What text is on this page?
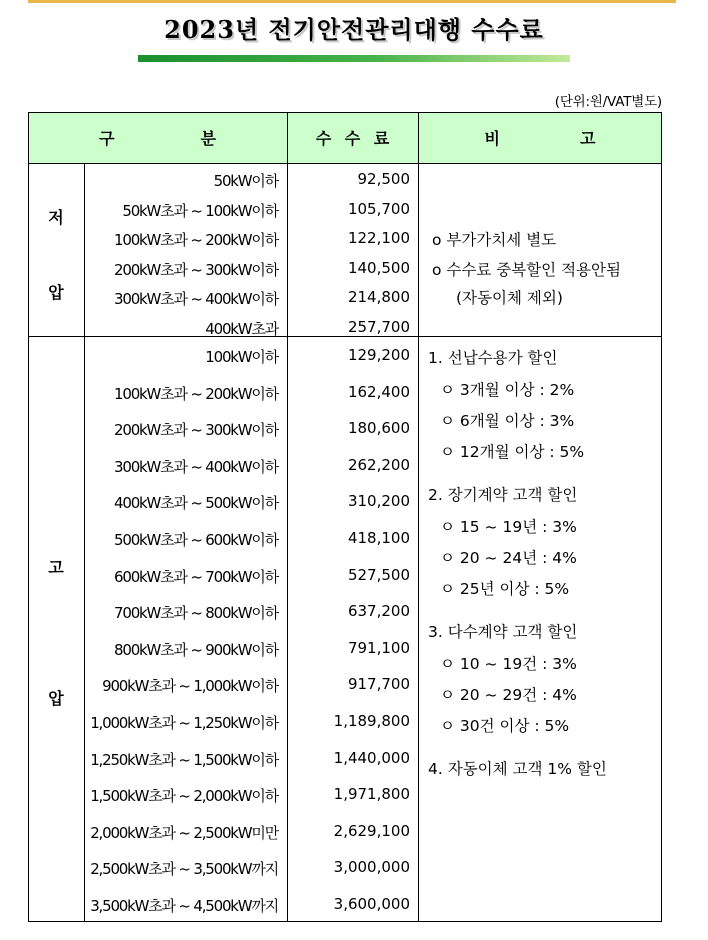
2023년 전기안전관리대행 수수료
(단위:원/VAT별도)
구	분	수 수 료	비	고
저
압
50kW이하	92,500
50kW초과 ~ 100kW이하	105,700
100kW초과 ~ 200kW이하	122,100
200kW초과 ~ 300kW이하	140,500
300kW초과 ~ 400kW이하	214,800
400kW초과	257,700
o 부가가치세 별도
o 수수료 중복할인 적용안됨
(자동이체 제외)
고
압
100kW이하	129,200
100kW초과 ~ 200kW이하	162,400
200kW초과 ~ 300kW이하	180,600
300kW초과 ~ 400kW이하	262,200
400kW초과 ~ 500kW이하	310,200
500kW초과 ~ 600kW이하	418,100
600kW초과 ~ 700kW이하	527,500
700kW초과 ~ 800kW이하	637,200
800kW초과 ~ 900kW이하	791,100
900kW초과 ~ 1,000kW이하	917,700
1,000kW초과 ~ 1,250kW이하	1,189,800
1,250kW초과 ~ 1,500kW이하	1,440,000
1,500kW초과 ~ 2,000kW이하	1,971,800
2,000kW초과 ~ 2,500kW미만	2,629,100
2,500kW초과 ~ 3,500kW까지	3,000,000
3,500kW초과 ~ 4,500kW까지	3,600,000
1. 선납수용가 할인
ㅇ 3개월 이상 : 2%
ㅇ 6개월 이상 : 3%
ㅇ 12개월 이상 : 5%
2. 장기계약 고객 할인
ㅇ 15 ~ 19년 : 3%
ㅇ 20 ~ 24년 : 4%
ㅇ 25년 이상 : 5%
3. 다수계약 고객 할인
ㅇ 10 ~ 19건 : 3%
ㅇ 20 ~ 29건 : 4%
ㅇ 30건 이상 : 5%
4. 자동이체 고객 1% 할인
